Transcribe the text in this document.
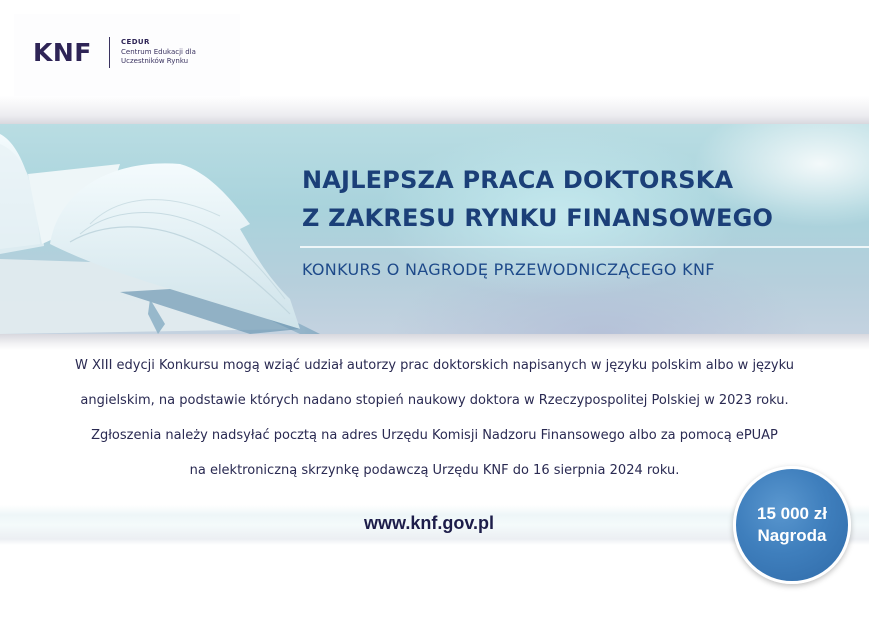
KNF	CEDUR
Centrum Edukacji dla Uczestników Rynku
NAJLEPSZA PRACA DOKTORSKA
Z ZAKRESU RYNKU FINANSOWEGO
KONKURS O NAGRODĘ PRZEWODNICZĄCEGO KNF
W XIII edycji Konkursu mogą wziąć udział autorzy prac doktorskich napisanych w języku polskim albo w języku
angielskim, na podstawie których nadano stopień naukowy doktora w Rzeczypospolitej Polskiej w 2023 roku.
Zgłoszenia należy nadsyłać pocztą na adres Urzędu Komisji Nadzoru Finansowego albo za pomocą ePUAP
na elektroniczną skrzynkę podawczą Urzędu KNF do 16 sierpnia 2024 roku.
www.knf.gov.pl	15 000 zł
Nagroda
